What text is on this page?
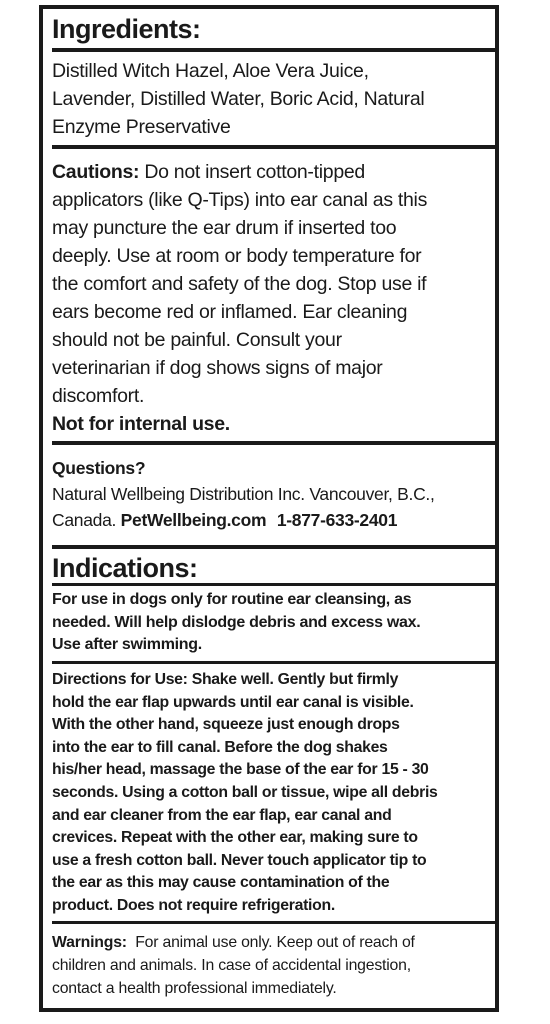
Ingredients:

Distilled Witch Hazel, Aloe Vera Juice,

Lavender, Distilled Water, Boric Acid, Natural

Enzyme Preservative

Cautions: Do not insert cotton-tipped

applicators (like Q-Tips) into ear canal as this

may puncture the ear drum if inserted too

deeply. Use at room or body temperature for

the comfort and safety of the dog. Stop use if

ears become red or inflamed. Ear cleaning

should not be painful. Consult your

veterinarian if dog shows signs of major

discomfort.

Not for internal use.

Questions?

Natural Wellbeing Distribution Inc. Vancouver, B.C.,

Canada. PetWellbeing.com 1-877-633-2401

Indications:

For use in dogs only for routine ear cleansing, as

needed. Will help dislodge debris and excess wax.

Use after swimming.

Directions for Use: Shake well. Gently but firmly

hold the ear flap upwards until ear canal is visible.

With the other hand, squeeze just enough drops

into the ear to fill canal. Before the dog shakes

his/her head, massage the base of the ear for 15 - 30

seconds. Using a cotton ball or tissue, wipe all debris

and ear cleaner from the ear flap, ear canal and

crevices. Repeat with the other ear, making sure to

use a fresh cotton ball. Never touch applicator tip to

the ear as this may cause contamination of the

product. Does not require refrigeration.

Warnings:  For animal use only. Keep out of reach of

children and animals. In case of accidental ingestion,

contact a health professional immediately.
